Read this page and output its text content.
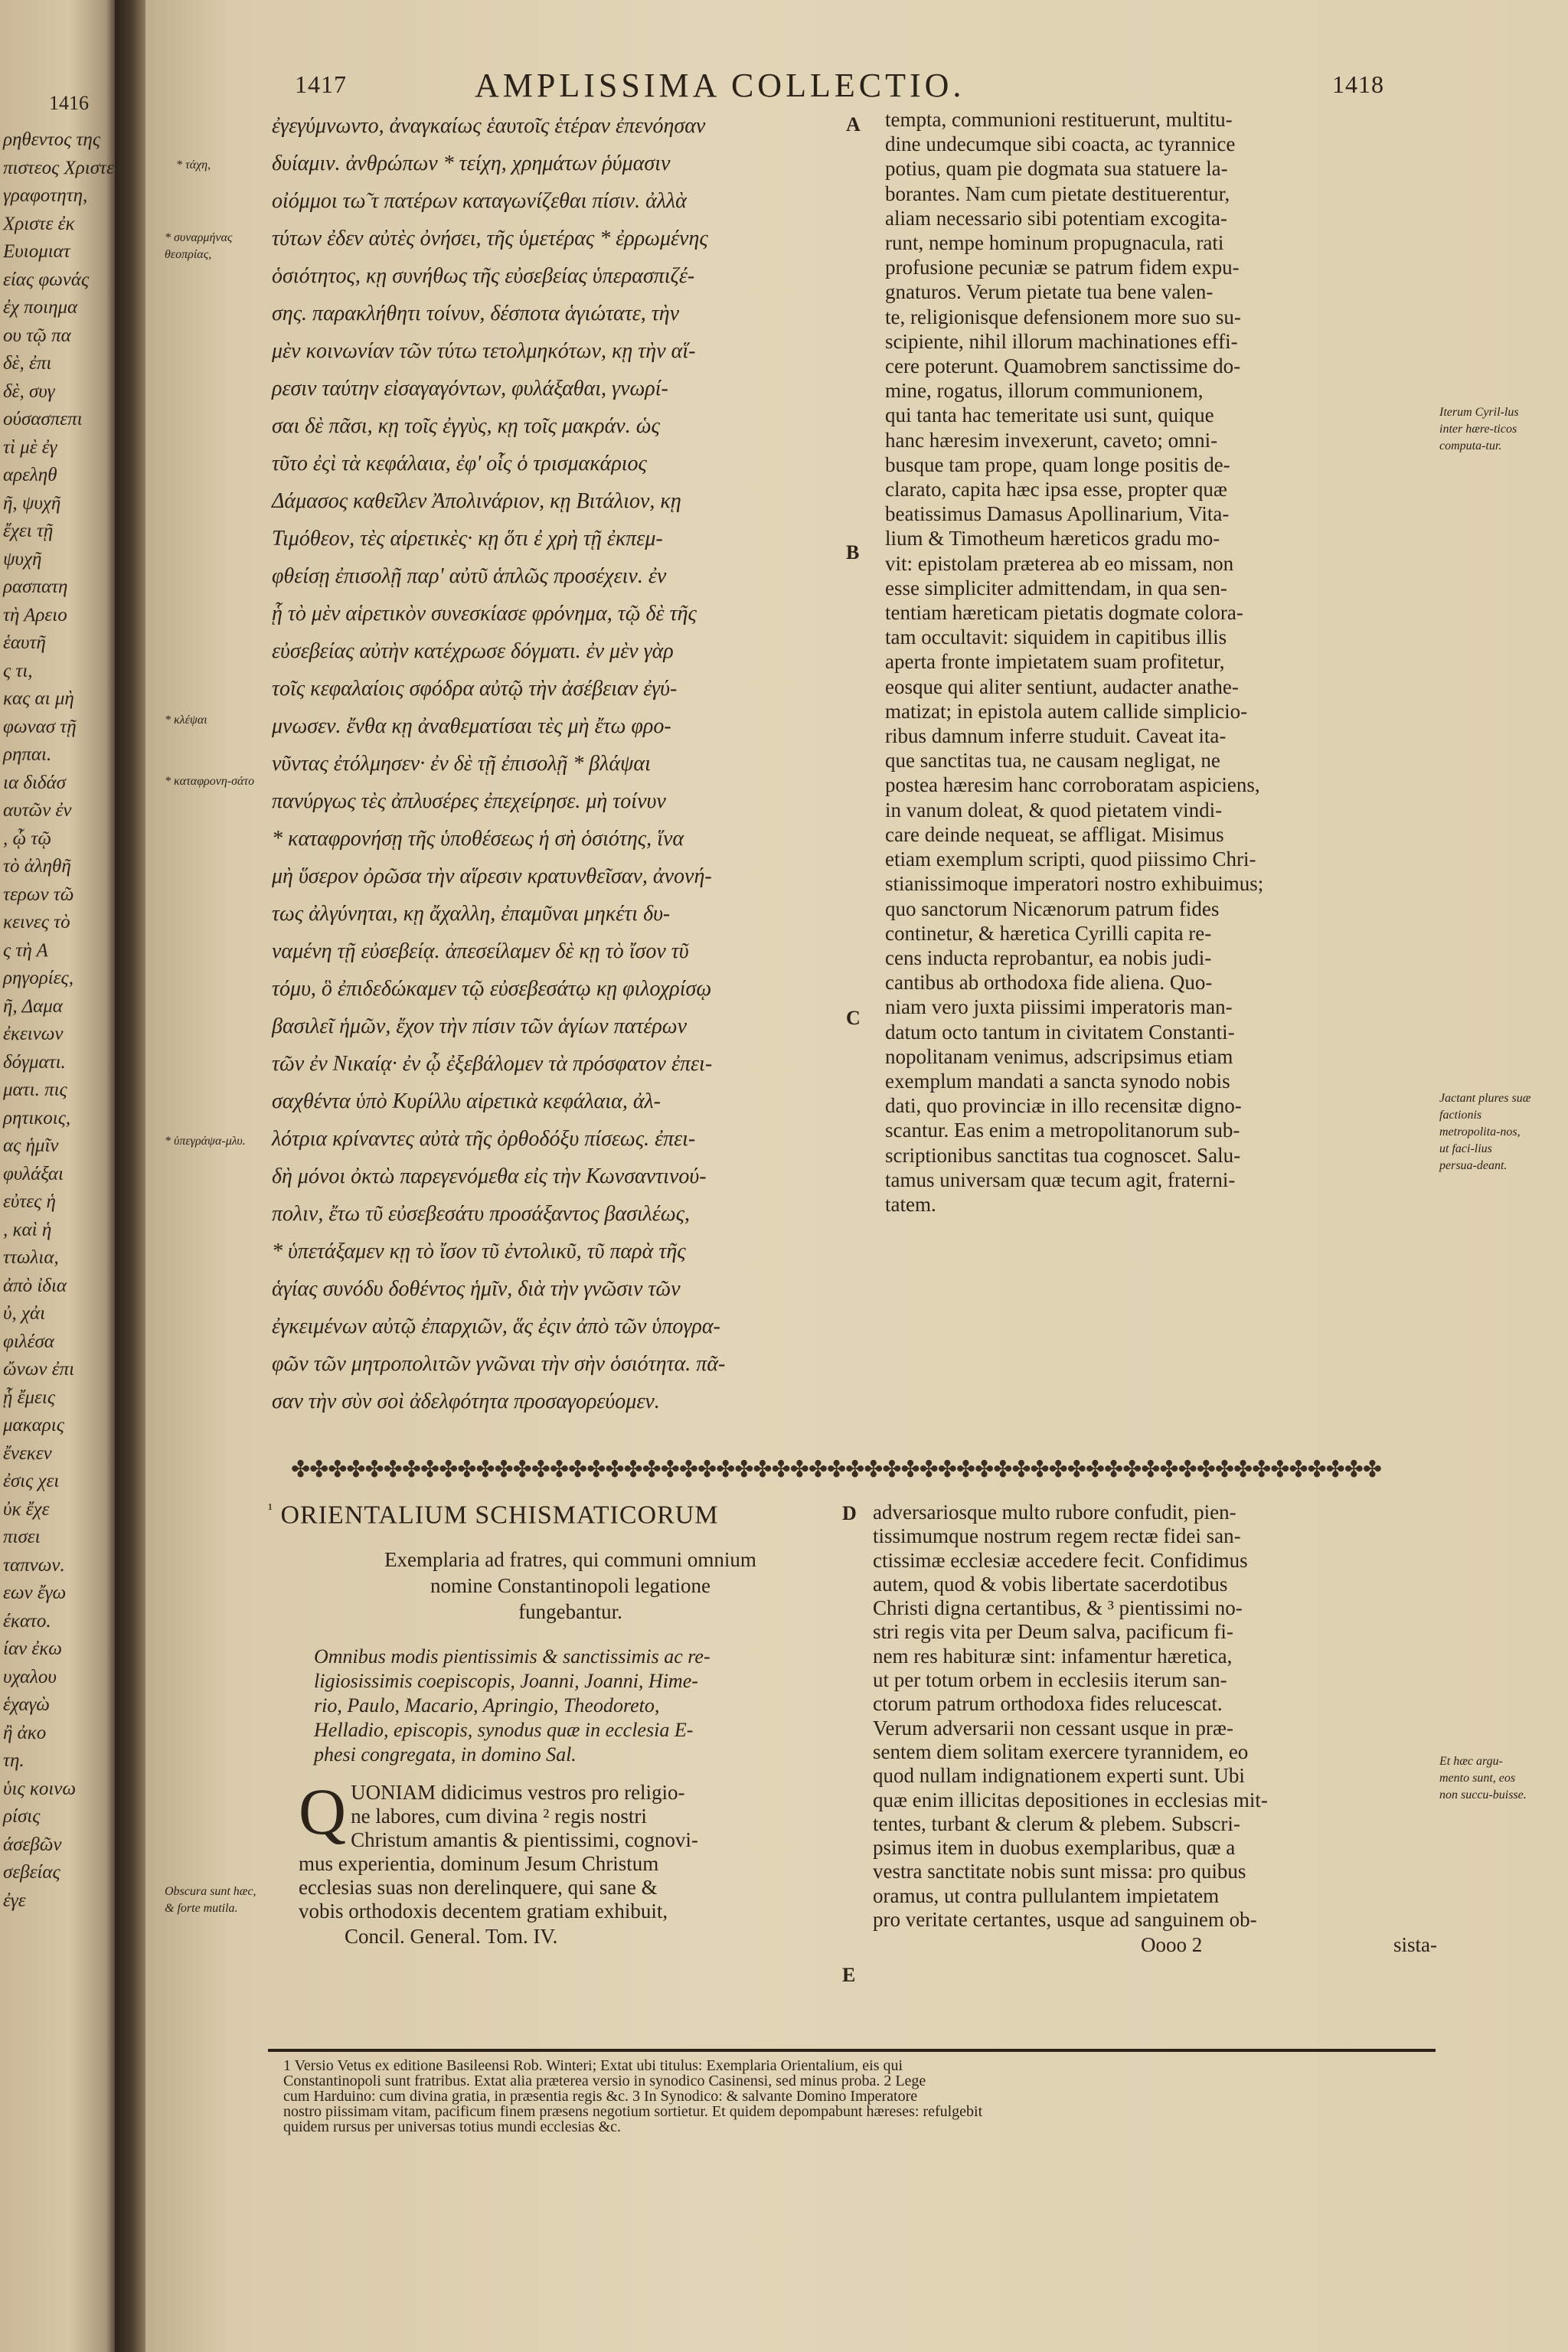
1416
ρηθεντος της
πιστεος Χριστε
γραφοτητη,
Χριστε ἐκ
Ευιομιατ
είας φωνάς
ἐχ ποιημα
ου τῷ πα
δὲ, ἐπι
δὲ, συγ
ούσασπεπι
τὶ μὲ ἐγ
αρεληθ
ῆ, ψυχῆ
ἔχει τῇ
ψυχῆ
ρασπατη
τὴ Αρειο
ἑαυτῆ
ς τι,
κας αι μὴ
φωνασ τῇ
ρηπαι.
ια διδάσ
αυτῶν ἐν
, ᾧ τῷ
τὸ ἀληθῆ
τερων τῶ
κεινες τὸ
ς τὴ Α
ρηγορίες,
ῆ, Δαμα
ἐκεινων
δόγματι.
ματι. πις
ρητικοις,
ας ἡμῖν
φυλάξαι
εὐτες ἡ
, καὶ ἡ
ττωλια,
ἀπὸ ἰδια
ὐ, χἀι
φιλέσα
ὤνων ἐπι
ᾗ ἔμεις
μακαρις
ἔνεκεν
ἐσις χει
ὐκ ἔχε
πισει
ταπνων.
εων ἔγω
έκατο.
ίαν ἐκω
υχαλου
ἑχαγὼ
ἢ ἀκο
τη.
ὑις κοινω
ρίσις
άσεβῶν
σεβείας
ἐγε
1417	AMPLISSIMA COLLECTIO.	1418
* τάχη,
* συναρμήνας θεοπρίας,
* κλέψαι
* καταφρονη-σάτο
* ὑπεγράψα-μλυ.
Obscura sunt hæc, & forte mutila.
ἐγεγύμνωντο, ἀναγκαίως ἑαυτοῖς ἑτέραν ἐπενόησαν
δυίαμιν. ἀνθρώπων * τείχη, χρημάτων ῥύμασιν
οἰόμμοι τω̃ τ πατέρων καταγωνίζεθαι πίσιν. ἀλλὰ
τύτων ἐδεν αὐτὲς ὀνήσει, τῆς ὑμετέρας * ἐρρωμένης
ὁσιότητος, κῃ συνήθως τῆς εὐσεβείας ὑπερασπιζέ-
σης. παρακλήθητι τοίνυν, δέσποτα ἁγιώτατε, τὴν
μὲν κοινωνίαν τῶν τύτω τετολμηκότων, κῃ τὴν αἵ-
ρεσιν ταύτην εἰσαγαγόντων, φυλάξαθαι, γνωρί-
σαι δὲ πᾶσι, κῃ τοῖς ἐγγὺς, κῃ τοῖς μακράν. ὡς
τῦτο ἐςὶ τὰ κεφάλαια, ἐφ' οἷς ὁ τρισμακάριος
Δάμασος καθεῖλεν Ἀπολινάριον, κῃ Βιτάλιον, κῃ
Τιμόθεον, τὲς αἱρετικὲς· κῃ ὅτι ἐ χρὴ τῇ ἐκπεμ-
φθείσῃ ἐπισολῇ παρ' αὐτῦ ἁπλῶς προσέχειν. ἐν
ᾗ τὸ μὲν αἱρετικὸν συνεσκίασε φρόνημα, τῷ δὲ τῆς
εὐσεβείας αὐτὴν κατέχρωσε δόγματι. ἐν μὲν γὰρ
τοῖς κεφαλαίοις σφόδρα αὐτῷ τὴν ἀσέβειαν ἐγύ-
μνωσεν. ἔνθα κῃ ἀναθεματίσαι τὲς μὴ ἔτω φρο-
νῦντας ἐτόλμησεν· ἐν δὲ τῇ ἐπισολῇ * βλάψαι
πανύργως τὲς ἀπλυσέρες ἐπεχείρησε. μὴ τοίνυν
* καταφρονήσῃ τῆς ὑποθέσεως ἡ σὴ ὁσιότης, ἵνα
μὴ ὕσερον ὀρῶσα τὴν αἵρεσιν κρατυνθεῖσαν, ἀνονή-
τως ἀλγύνηται, κῃ ἄχαλλη, ἐπαμῦναι μηκέτι δυ-
ναμένη τῇ εὐσεβείᾳ. ἀπεσείλαμεν δὲ κῃ τὸ ἴσον τῦ
τόμυ, ὃ ἐπιδεδώκαμεν τῷ εὐσεβεσάτῳ κῃ φιλοχρίσῳ
βασιλεῖ ἡμῶν, ἔχον τὴν πίσιν τῶν ἁγίων πατέρων
τῶν ἐν Νικαίᾳ· ἐν ᾧ ἐξεβάλομεν τὰ πρόσφατον ἐπει-
σαχθέντα ὑπὸ Κυρίλλυ αἱρετικὰ κεφάλαια, ἀλ-
λότρια κρίναντες αὐτὰ τῆς ὀρθοδόξυ πίσεως. ἐπει-
δὴ μόνοι ὀκτὼ παρεγενόμεθα εἰς τὴν Κωνσαντινού-
πολιν, ἔτω τῦ εὐσεβεσάτυ προσάξαντος βασιλέως,
* ὑπετάξαμεν κῃ τὸ ἴσον τῦ ἐντολικῦ, τῦ παρὰ τῆς
ἁγίας συνόδυ δοθέντος ἡμῖν, διὰ τὴν γνῶσιν τῶν
ἐγκειμένων αὐτῷ ἐπαρχιῶν, ἅς ἐςιν ἀπὸ τῶν ὑπογρα-
φῶν τῶν μητροπολιτῶν γνῶναι τὴν σὴν ὁσιότητα. πᾶ-
σαν τὴν σὺν σοὶ ἀδελφότητα προσαγορεύομεν.
A
B
C
D
E
tempta, communioni restituerunt, multitu-
dine undecumque sibi coacta, ac tyrannice
potius, quam pie dogmata sua statuere la-
borantes. Nam cum pietate destituerentur,
aliam necessario sibi potentiam excogita-
runt, nempe hominum propugnacula, rati
profusione pecuniæ se patrum fidem expu-
gnaturos. Verum pietate tua bene valen-
te, religionisque defensionem more suo su-
scipiente, nihil illorum machinationes effi-
cere poterunt. Quamobrem sanctissime do-
mine, rogatus, illorum communionem,
qui tanta hac temeritate usi sunt, quique
hanc hæresim invexerunt, caveto; omni-
busque tam prope, quam longe positis de-
claratо, capita hæc ipsa esse, propter quæ
beatissimus Damasus Apollinarium, Vita-
lium & Timotheum hæreticos gradu mo-
vit: epistolam præterea ab eo missam, non
esse simpliciter admittendam, in qua sen-
tentiam hæreticam pietatis dogmate colora-
tam occultavit: siquidem in capitibus illis
aperta fronte impietatem suam profitetur,
eosque qui aliter sentiunt, audacter anathe-
matizat; in epistola autem callide simplicio-
ribus damnum inferre studuit. Caveat ita-
que sanctitas tua, ne causam negligat, ne
postea hæresim hanc corroboratam aspiciens,
in vanum doleat, & quod pietatem vindi-
care deinde nequeat, se affligat. Misimus
etiam exemplum scripti, quod piissimo Chri-
stianissimoque imperatori nostro exhibuimus;
quo sanctorum Nicænorum patrum fides
continetur, & hæretica Cyrilli capita re-
cens inducta reprobantur, ea nobis judi-
cantibus ab orthodoxa fide aliena. Quo-
niam vero juxta piissimi imperatoris man-
datum octo tantum in civitatem Constanti-
nopolitanam venimus, adscripsimus etiam
exemplum mandati a sancta synodo nobis
dati, quo provinciæ in illo recensitæ digno-
scantur. Eas enim a metropolitanorum sub-
scriptionibus sanctitas tua cognoscet. Salu-
tamus universam quæ tecum agit, fraterni-
tatem.
Iterum Cyril-lus inter hære-ticos computa-tur.
Jactant plures suæ factionis metropolita-nos, ut faci-lius persua-deant.
Et hæc argu-mento sunt, eos non succu-buisse.
✤✤✤✤✤✤✤✤✤✤✤✤✤✤✤✤✤✤✤✤✤✤✤✤✤✤✤✤✤✤✤✤✤✤✤✤✤✤✤✤✤✤✤✤✤✤✤✤✤✤✤✤✤✤✤✤✤✤✤
$^{^1}$ ORIENTALIUM SCHISMATICORUM
Exemplaria ad fratres, qui communi omnium
nomine Constantinopoli legatione
fungebantur.
Omnibus modis pientissimis & sanctissimis ac re-
ligiosissimis coepiscopis, Joanni, Joanni, Hime-
rio, Paulo, Macario, Apringio, Theodoreto,
Helladio, episcopis, synodus quæ in ecclesia E-
phesi congregata, in domino Sal.
Q UONIAM didicimus vestros pro religio-
ne labores, cum divina ² regis nostri
Christum amantis & pientissimi, cognovi-
mus experientia, dominum Jesum Christum
ecclesias suas non derelinquere, qui sane &
vobis orthodoxis decentem gratiam exhibuit,
Concil. General. Tom. IV.
adversariosque multo rubore confudit, pien-
tissimumque nostrum regem rectæ fidei san-
ctissimæ ecclesiæ accedere fecit. Confidimus
autem, quod & vobis libertate sacerdotibus
Christi digna certantibus, & ³ pientissimi no-
stri regis vita per Deum salva, pacificum fi-
nem res habituræ sint: infamentur hæretica,
ut per totum orbem in ecclesiis iterum san-
ctorum patrum orthodoxa fides relucescat.
Verum adversarii non cessant usque in præ-
sentem diem solitam exercere tyrannidem, eo
quod nullam indignationem experti sunt. Ubi
quæ enim illicitas depositiones in ecclesias mit-
tentes, turbant & clerum & plebem. Subscri-
psimus item in duobus exemplaribus, quæ a
vestra sanctitate nobis sunt missa: pro quibus
oramus, ut contra pullulantem impietatem
pro veritate certantes, usque ad sanguinem ob-
Oooo 2	sista-
1 Versio Vetus ex editione Basileensi Rob. Winteri; Extat ubi titulus: Exemplaria Orientalium, eis qui
Constantinopoli sunt fratribus. Extat alia præterea versio in synodico Casinensi, sed minus proba. 2 Lege
cum Harduino: cum divina gratia, in præsentia regis &c. 3 In Synodico: & salvante Domino Imperatore
nostro piissimam vitam, pacificum finem præsens negotium sortietur. Et quidem depompabunt hæreses: refulgebit
quidem rursus per universas totius mundi ecclesias &c.
